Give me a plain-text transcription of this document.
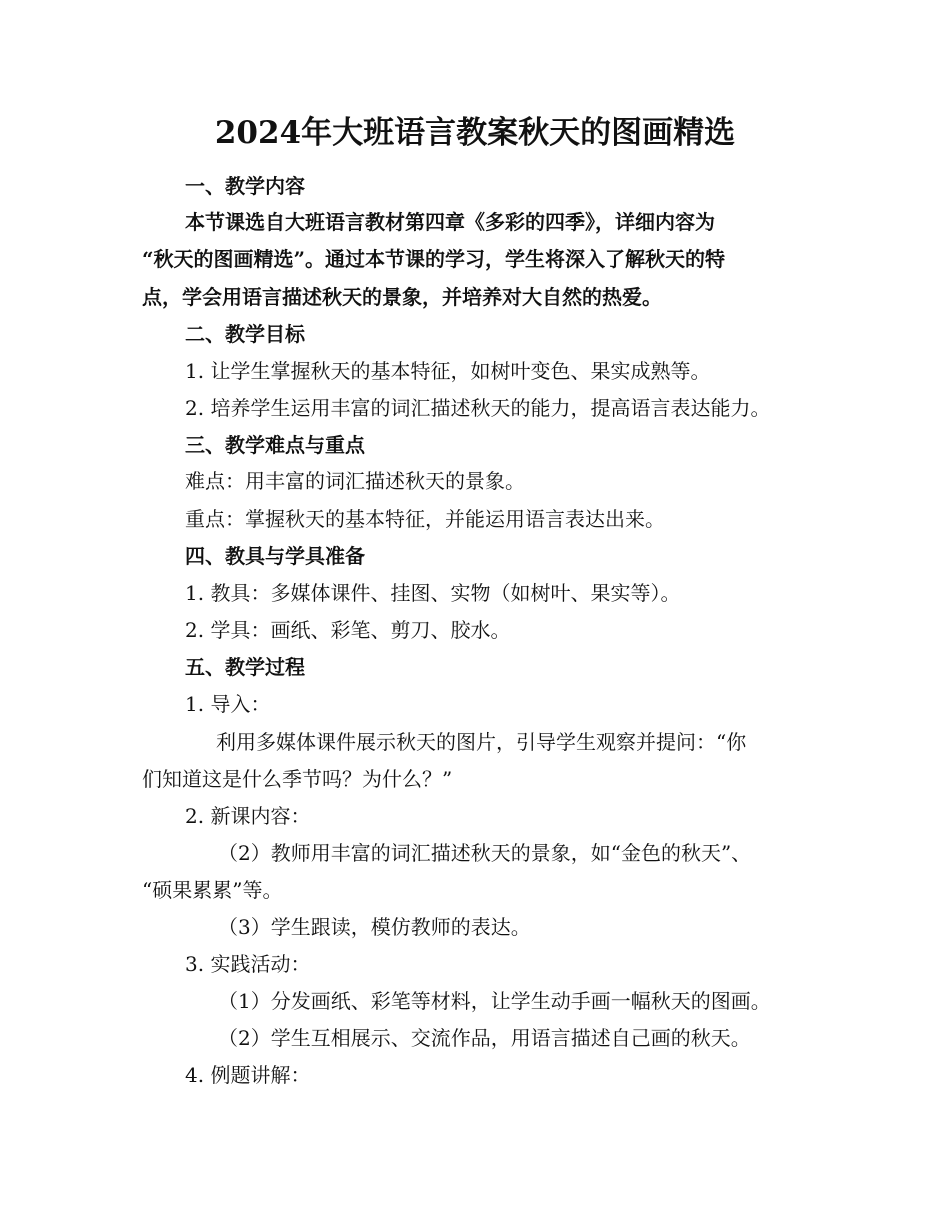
2024年大班语言教案秋天的图画精选
一、教学内容
本节课选自大班语言教材第四章《多彩的四季》，详细内容为
“秋天的图画精选”。通过本节课的学习，学生将深入了解秋天的特
点，学会用语言描述秋天的景象，并培养对大自然的热爱。
二、教学目标
1. 让学生掌握秋天的基本特征，如树叶变色、果实成熟等。
2. 培养学生运用丰富的词汇描述秋天的能力，提高语言表达能力。
三、教学难点与重点
难点：用丰富的词汇描述秋天的景象。
重点：掌握秋天的基本特征，并能运用语言表达出来。
四、教具与学具准备
1. 教具：多媒体课件、挂图、实物（如树叶、果实等）。
2. 学具：画纸、彩笔、剪刀、胶水。
五、教学过程
1. 导入：
利用多媒体课件展示秋天的图片，引导学生观察并提问：“你
们知道这是什么季节吗？为什么？”
2. 新课内容：
（2）教师用丰富的词汇描述秋天的景象，如“金色的秋天”、
“硕果累累”等。
（3）学生跟读，模仿教师的表达。
3. 实践活动：
（1）分发画纸、彩笔等材料，让学生动手画一幅秋天的图画。
（2）学生互相展示、交流作品，用语言描述自己画的秋天。
4. 例题讲解：
